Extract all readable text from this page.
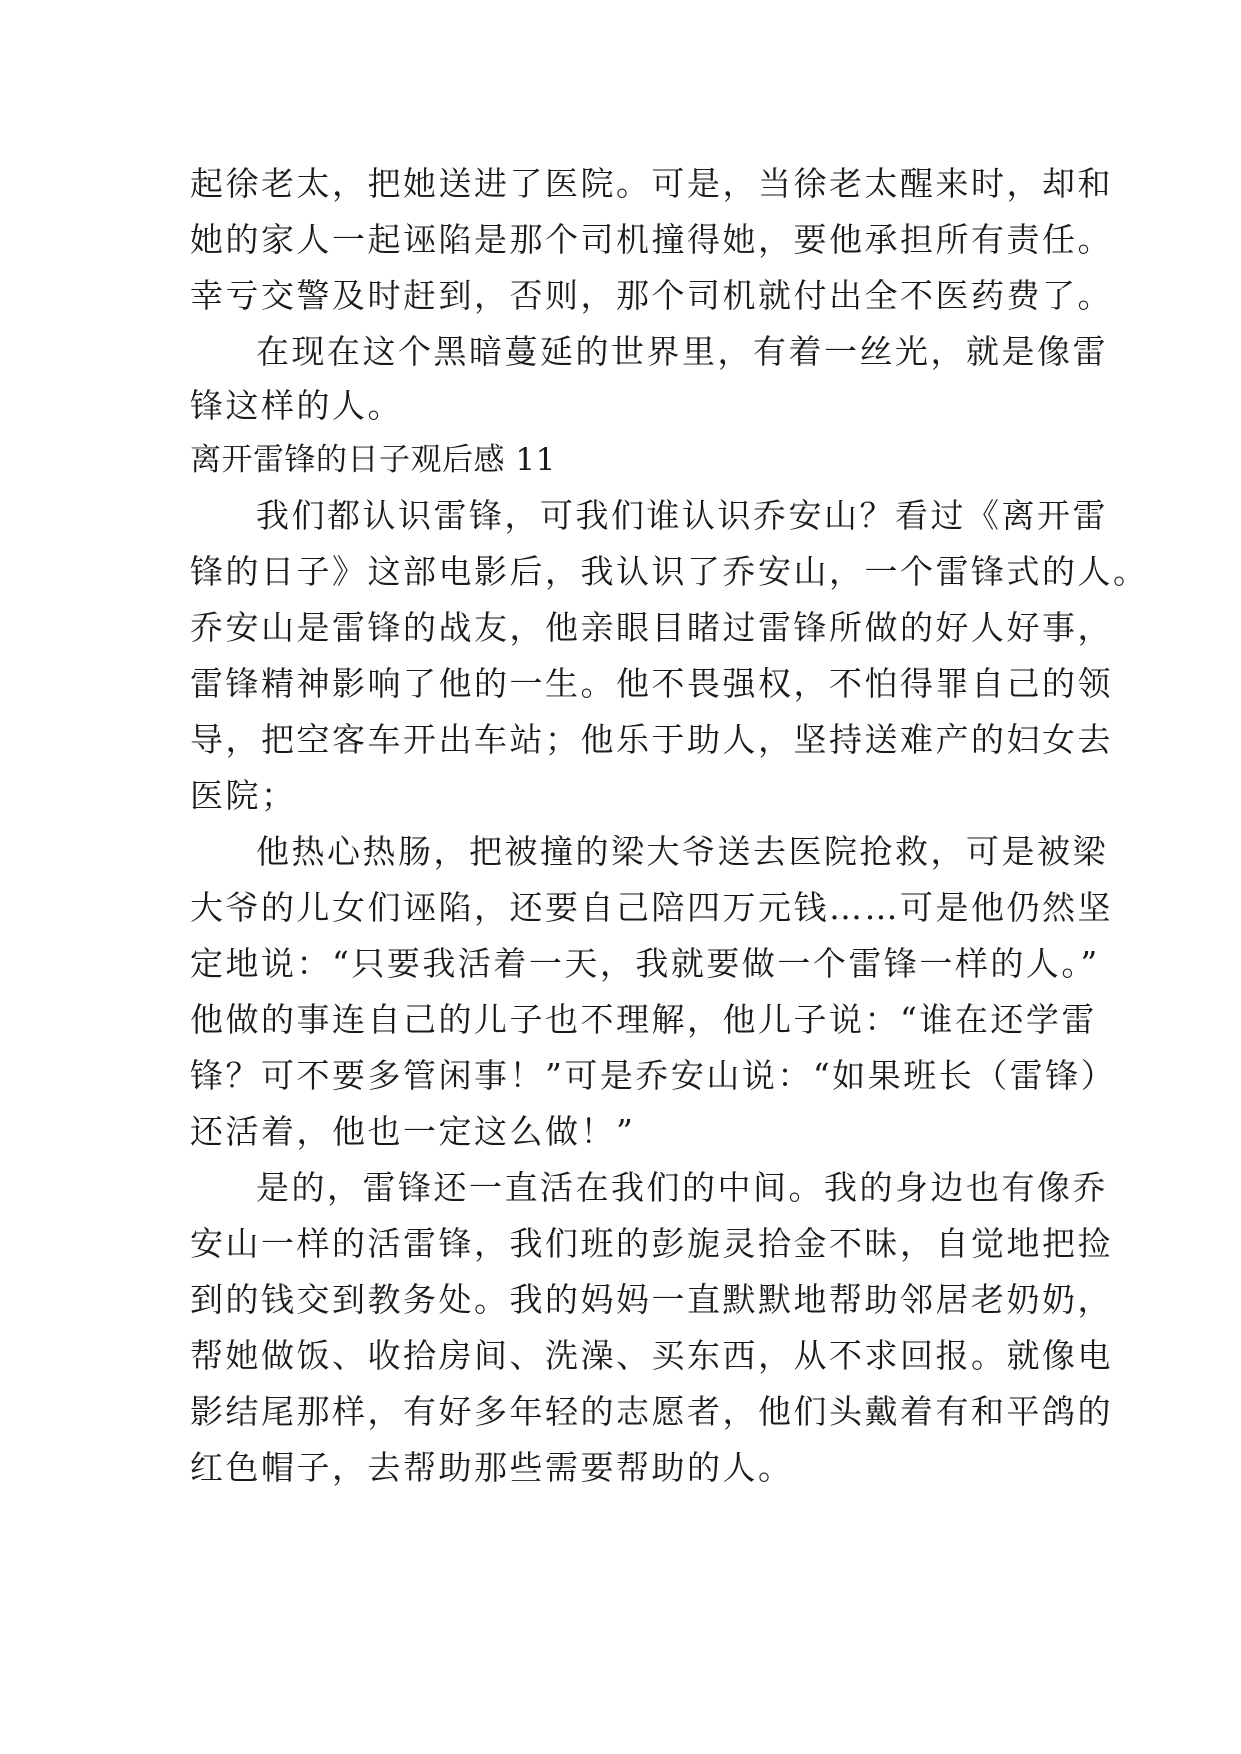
起徐老太，把她送进了医院。可是，当徐老太醒来时，却和
她的家人一起诬陷是那个司机撞得她，要他承担所有责任。
幸亏交警及时赶到，否则，那个司机就付出全不医药费了。
在现在这个黑暗蔓延的世界里，有着一丝光，就是像雷
锋这样的人。
离开雷锋的日子观后感 11
我们都认识雷锋，可我们谁认识乔安山？看过《离开雷
锋的日子》这部电影后，我认识了乔安山，一个雷锋式的人。
乔安山是雷锋的战友，他亲眼目睹过雷锋所做的好人好事，
雷锋精神影响了他的一生。他不畏强权，不怕得罪自己的领
导，把空客车开出车站；他乐于助人，坚持送难产的妇女去
医院；
他热心热肠，把被撞的梁大爷送去医院抢救，可是被梁
大爷的儿女们诬陷，还要自己陪四万元钱……可是他仍然坚
定地说：“只要我活着一天，我就要做一个雷锋一样的人。”
他做的事连自己的儿子也不理解，他儿子说：“谁在还学雷
锋？可不要多管闲事！”可是乔安山说：“如果班长（雷锋）
还活着，他也一定这么做！”
是的，雷锋还一直活在我们的中间。我的身边也有像乔
安山一样的活雷锋，我们班的彭旎灵拾金不昧，自觉地把捡
到的钱交到教务处。我的妈妈一直默默地帮助邻居老奶奶，
帮她做饭、收拾房间、洗澡、买东西，从不求回报。就像电
影结尾那样，有好多年轻的志愿者，他们头戴着有和平鸽的
红色帽子，去帮助那些需要帮助的人。
